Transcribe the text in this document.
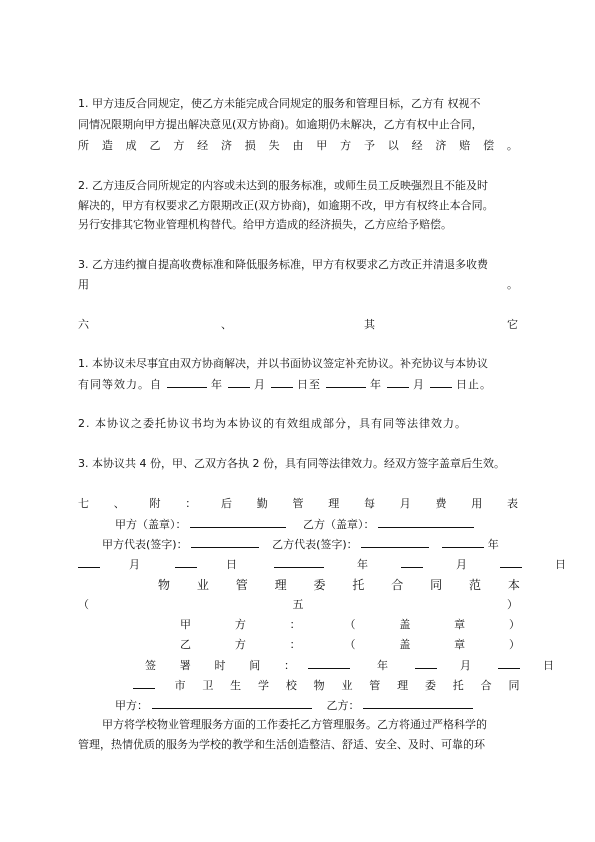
1. 甲方违反合同规定，使乙方未能完成合同规定的服务和管理目标，乙方有 权视不
同情况限期向甲方提出解决意见(双方协商)。如逾期仍未解决，乙方有权中止合同，
所 造 成 乙 方 经 济 损 失 由 甲 方 予 以 经 济 赔 偿 。
2. 乙方违反合同所规定的内容或未达到的服务标准，或师生员工反映强烈且不能及时
解决的，甲方有权要求乙方限期改正(双方协商)，如逾期不改，甲方有权终止本合同。
另行安排其它物业管理机构替代。给甲方造成的经济损失，乙方应给予赔偿。
3. 乙方违约擅自提高收费标准和降低服务标准，甲方有权要求乙方改正并清退多收费
用	。
六	、	其	它
1. 本协议未尽事宜由双方协商解决，并以书面协议签定补充协议。补充协议与本协议
有同等效力。自	年	月	日至	年	月	日止。
2. 本协议之委托协议书均为本协议的有效组成部分，具有同等法律效力。
3. 本协议共 4 份，甲、乙双方各执 2 份，具有同等法律效力。经双方签字盖章后生效。
七 、 附 ： 后 勤 管 理 每 月 费 用 表
甲方（盖章）：	乙方（盖章）：
甲方代表(签字)：	乙方代表(签字)：	年
月	日	年	月	日
物 业 管 理 委 托 合 同 范 本
（	五	）
甲	方	：	（	盖	章	）
乙	方	：	（	盖	章	）
签 署 时 间 ：	年	月	日

市 卫 生 学 校 物 业 管 理 委 托 合 同
甲方：	乙方：
甲方将学校物业管理服务方面的工作委托乙方管理服务。乙方将通过严格科学的
管理，热情优质的服务为学校的教学和生活创造整洁、舒适、安全、及时、可靠的环
